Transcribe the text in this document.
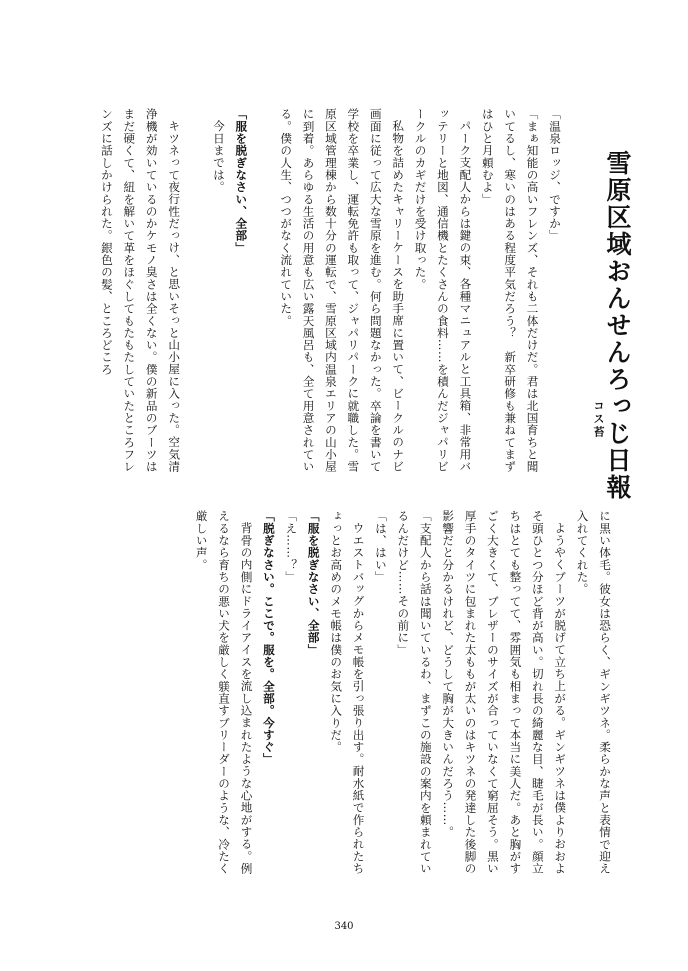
雪原区域おんせんろっじ日報
コス苔

「温泉ロッジ、ですか」

「まぁ知能の高いフレンズ、それも二体だけだ。君は北国育ちと聞いてるし、寒いのはある程度平気だろう？　新卒研修も兼ねてまずはひと月頼むよ」

パーク支配人からは鍵の束、各種マニュアルと工具箱、非常用バッテリーと地図、通信機とたくさんの食料……を積んだジャパリビークルのカギだけを受け取った。

私物を詰めたキャリーケースを助手席に置いて、ビークルのナビ画面に従って広大な雪原を進む。何ら問題なかった。卒論を書いて学校を卒業し、運転免許も取って、ジャパリパークに就職した。雪原区域管理棟から数十分の運転で、雪原区域内温泉エリアの山小屋に到着。あらゆる生活の用意も広い露天風呂も、全て用意されている。僕の人生、つつがなく流れていた。

「服を脱ぎなさい、全部」

今日までは。

キツネって夜行性だっけ、と思いそっと山小屋に入った。空気清浄機が効いているのかケモノ臭さは全くない。僕の新品のブーツはまだ硬くて、紐を解いて革をほぐしてもたもたしていたところフレンズに話しかけられた。銀色の髪、ところどころ

に黒い体毛。彼女は恐らく、ギンギツネ。柔らかな声と表情で迎え入れてくれた。

ようやくブーツが脱げて立ち上がる。ギンギツネは僕よりおおよそ頭ひとつ分ほど背が高い。切れ長の綺麗な目、睫毛が長い。顔立ちはとても整ってて、雰囲気も相まって本当に美人だ。あと胸がすごく大きくて、ブレザーのサイズが合っていなくて窮屈そう。黒い厚手のタイツに包まれた太ももが太いのはキツネの発達した後脚の影響だと分かるけれど、どうして胸が大きいんだろう……。

「支配人から話は聞いているわ、まずこの施設の案内を頼まれているんだけど……その前に」

「は、はい」

ウエストバッグからメモ帳を引っ張り出す。耐水紙で作られたちょっとお高めのメモ帳は僕のお気に入りだ。

「服を脱ぎなさい、全部」

「え……？」

「脱ぎなさい。ここで。服を。全部。今すぐ」

背骨の内側にドライアイスを流し込まれたような心地がする。例えるなら育ちの悪い犬を厳しく躾直すブリーダーのような、冷たく厳しい声。

340
